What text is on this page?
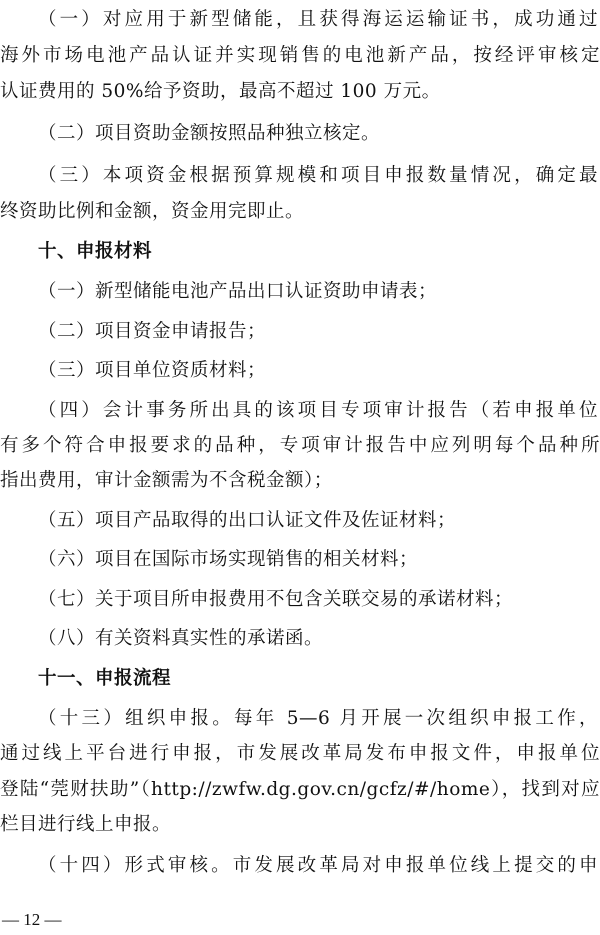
（一）对应用于新型储能，且获得海运运输证书，成功通过
海外市场电池产品认证并实现销售的电池新产品，按经评审核定
认证费用的 50%给予资助，最高不超过 100 万元。
（二）项目资助金额按照品种独立核定。
（三）本项资金根据预算规模和项目申报数量情况，确定最
终资助比例和金额，资金用完即止。
十、申报材料
（一）新型储能电池产品出口认证资助申请表；
（二）项目资金申请报告；
（三）项目单位资质材料；
（四）会计事务所出具的该项目专项审计报告（若申报单位
有多个符合申报要求的品种，专项审计报告中应列明每个品种所
指出费用，审计金额需为不含税金额）；
（五）项目产品取得的出口认证文件及佐证材料；
（六）项目在国际市场实现销售的相关材料；
（七）关于项目所申报费用不包含关联交易的承诺材料；
（八）有关资料真实性的承诺函。
十一、申报流程
（十三）组织申报。每年 5—6 月开展一次组织申报工作，
通过线上平台进行申报，市发展改革局发布申报文件，申报单位
登陆“莞财扶助”（http://zwfw.dg.gov.cn/gcfz/#/home），找到对应
栏目进行线上申报。
（十四）形式审核。市发展改革局对申报单位线上提交的申
— 12 —
